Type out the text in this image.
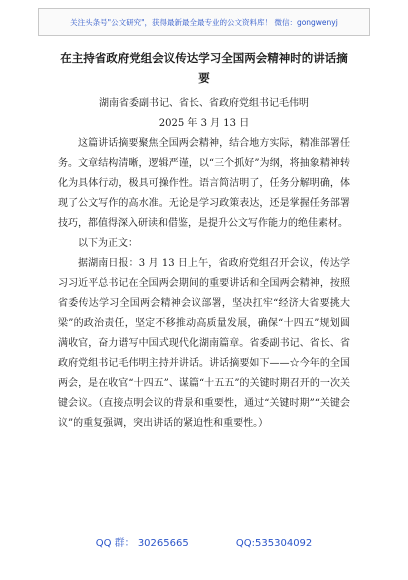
关注头条号"公文研究"，获得最新最全最专业的公文资料库！ 微信：gongwenyj

在主持省政府党组会议传达学习全国两会精神时的讲话摘要

湖南省委副书记、省长、省政府党组书记毛伟明

2025 年 3 月 13 日

这篇讲话摘要聚焦全国两会精神，结合地方实际，精准部署任务。文章结构清晰，逻辑严谨，以“三个抓好”为纲，将抽象精神转化为具体行动，极具可操作性。语言简洁明了，任务分解明确，体现了公文写作的高水准。无论是学习政策表达，还是掌握任务部署技巧，都值得深入研读和借鉴，是提升公文写作能力的绝佳素材。

以下为正文：

据湖南日报：3 月 13 日上午，省政府党组召开会议，传达学习习近平总书记在全国两会期间的重要讲话和全国两会精神，按照省委传达学习全国两会精神会议部署，坚决扛牢“经济大省要挑大梁”的政治责任，坚定不移推动高质量发展，确保“十四五”规划圆满收官，奋力谱写中国式现代化湖南篇章。省委副书记、省长、省政府党组书记毛伟明主持并讲话。讲话摘要如下——☆今年的全国两会，是在收官“十四五”、谋篇“十五五”的关键时期召开的一次关键会议。（直接点明会议的背景和重要性，通过“关键时期”“关键会议”的重复强调，突出讲话的紧迫性和重要性。）

QQ 群： 30265665	QQ:535304092
